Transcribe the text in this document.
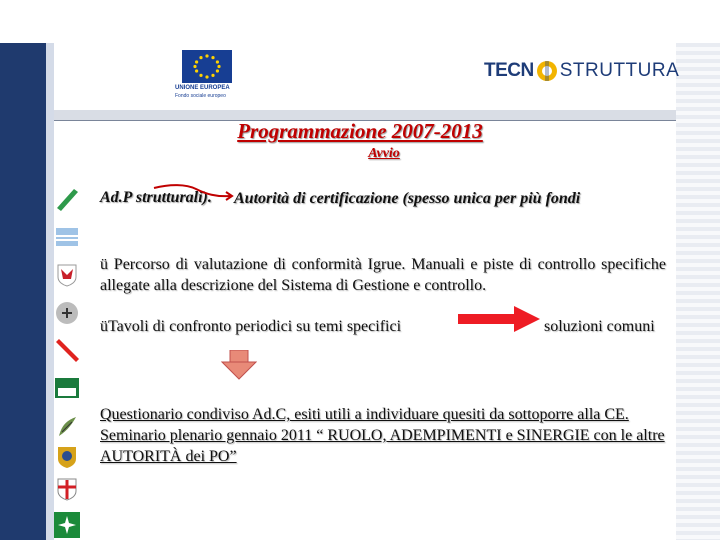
UNIONE EUROPEA
Fondo sociale europeo
TECN STRUTTURA
Programmazione 2007-2013
Avvio
Ad.P strutturali).	Autorità di certificazione (spesso unica per più fondi
ü Percorso di valutazione di conformità Igrue. Manuali e piste di controllo specifiche allegate alla descrizione del Sistema di Gestione e controllo.
üTavoli di confronto periodici su temi specifici	soluzioni comuni
Questionario condiviso Ad.C, esiti utili a individuare quesiti da sottoporre alla CE. Seminario plenario gennaio 2011 “ RUOLO, ADEMPIMENTI e SINERGIE con le altre AUTORITÀ dei PO”
